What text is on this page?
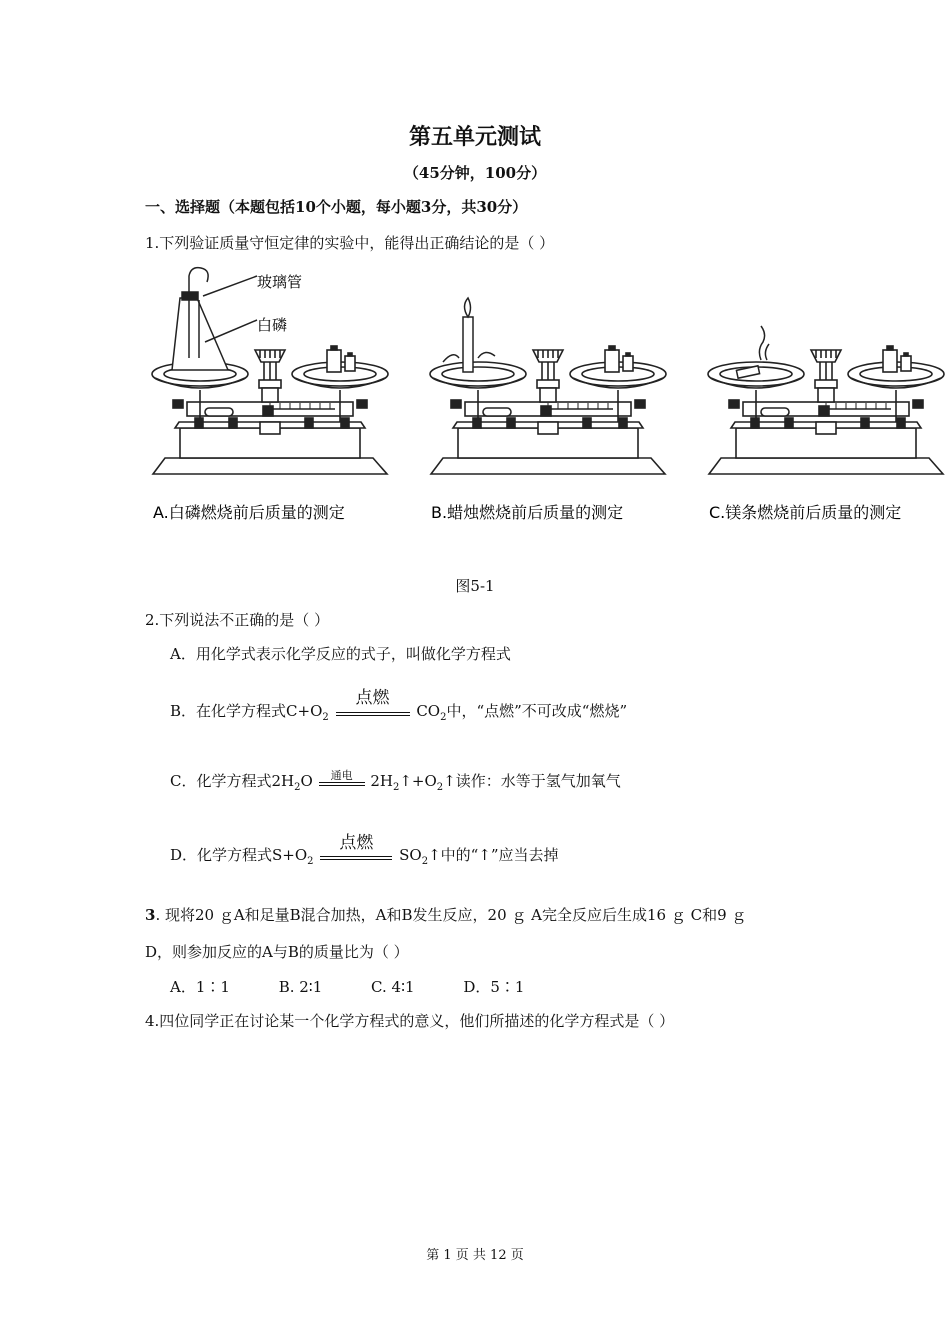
第五单元测试
（45分钟，100分）
一、选择题（本题包括10个小题，每小题3分，共30分）
1.下列验证质量守恒定律的实验中，能得出正确结论的是（ ）
玻璃管
白磷
A.白磷燃烧前后质量的测定	B.蜡烛燃烧前后质量的测定	C.镁条燃烧前后质量的测定
图5-1
2.下列说法不正确的是（ ）
A．用化学式表示化学反应的式子，叫做化学方程式
B．在化学方程式$C+O_2$
点燃
$CO_2$中，“点燃”不可改成“燃烧”
C．化学方程式$2H_2O$	通电	$2H_2↑+O_2↑$读作：水等于氢气加氧气
D．化学方程式$S+O_2$
点燃
$SO_2↑$中的“↑”应当去掉
3. 现将20 ｇA和足量B混合加热，A和B发生反应，20 ｇ A完全反应后生成16 ｇ C和9 ｇ
D，则参加反应的A与B的质量比为（ ）
A．1∶1	B. 2∶1	C. 4∶1	D．5∶1
4.四位同学正在讨论某一个化学方程式的意义，他们所描述的化学方程式是（ ）
第 1 页 共 12 页
